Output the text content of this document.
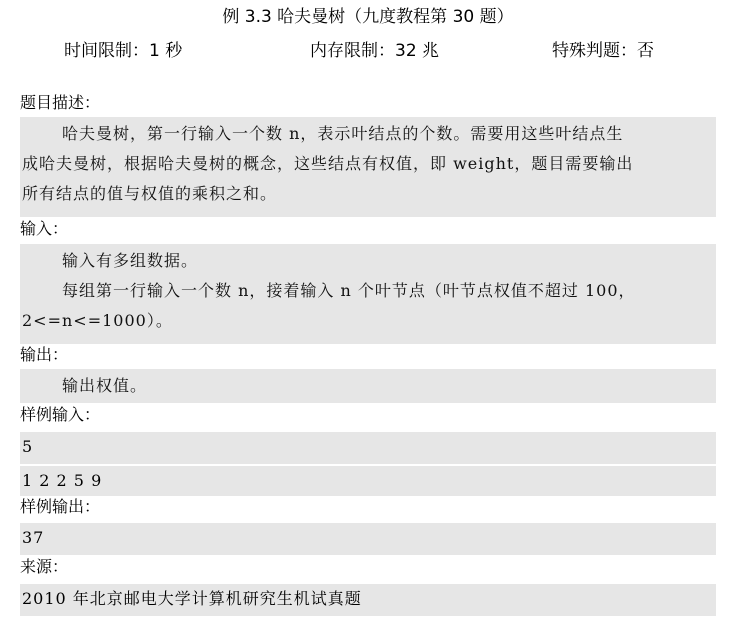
例 3.3 哈夫曼树（九度教程第 30 题）
时间限制：1 秒	内存限制：32 兆	特殊判题：否
题目描述：
哈夫曼树，第一行输入一个数 n，表示叶结点的个数。需要用这些叶结点生
成哈夫曼树，根据哈夫曼树的概念，这些结点有权值，即 weight，题目需要输出
所有结点的值与权值的乘积之和。
输入：
输入有多组数据。
每组第一行输入一个数 n，接着输入 n 个叶节点（叶节点权值不超过 100，
2<=n<=1000）。
输出：
输出权值。
样例输入：
5
1 2 2 5 9
样例输出：
37
来源：
2010 年北京邮电大学计算机研究生机试真题
